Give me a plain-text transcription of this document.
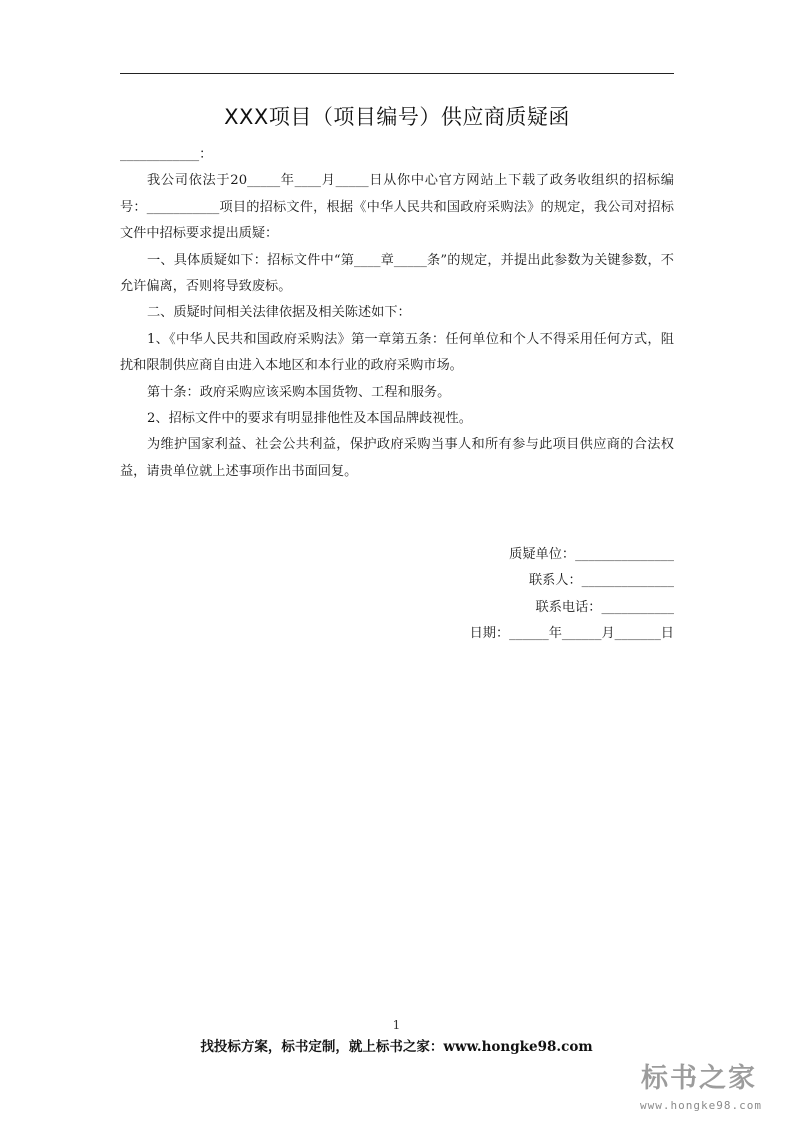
XXX项目（项目编号）供应商质疑函
____________：
我公司依法于20_____年____月_____日从你中心官方网站上下载了政务收组织的招标编号：___________项目的招标文件，根据《中华人民共和国政府采购法》的规定，我公司对招标文件中招标要求提出质疑：
一、具体质疑如下：招标文件中“第____章_____条”的规定，并提出此参数为关键参数，不允许偏离，否则将导致废标。
二、质疑时间相关法律依据及相关陈述如下：
1、《中华人民共和国政府采购法》第一章第五条：任何单位和个人不得采用任何方式，阻扰和限制供应商自由进入本地区和本行业的政府采购市场。
第十条：政府采购应该采购本国货物、工程和服务。
2、招标文件中的要求有明显排他性及本国品牌歧视性。
为维护国家利益、社会公共利益，保护政府采购当事人和所有参与此项目供应商的合法权益，请贵单位就上述事项作出书面回复。
质疑单位：_______________
联系人：______________
联系电话：___________
日期：______年______月_______日
1
找投标方案，标书定制，就上标书之家：www.hongke98.com
标书之家
www.hongke98.com
